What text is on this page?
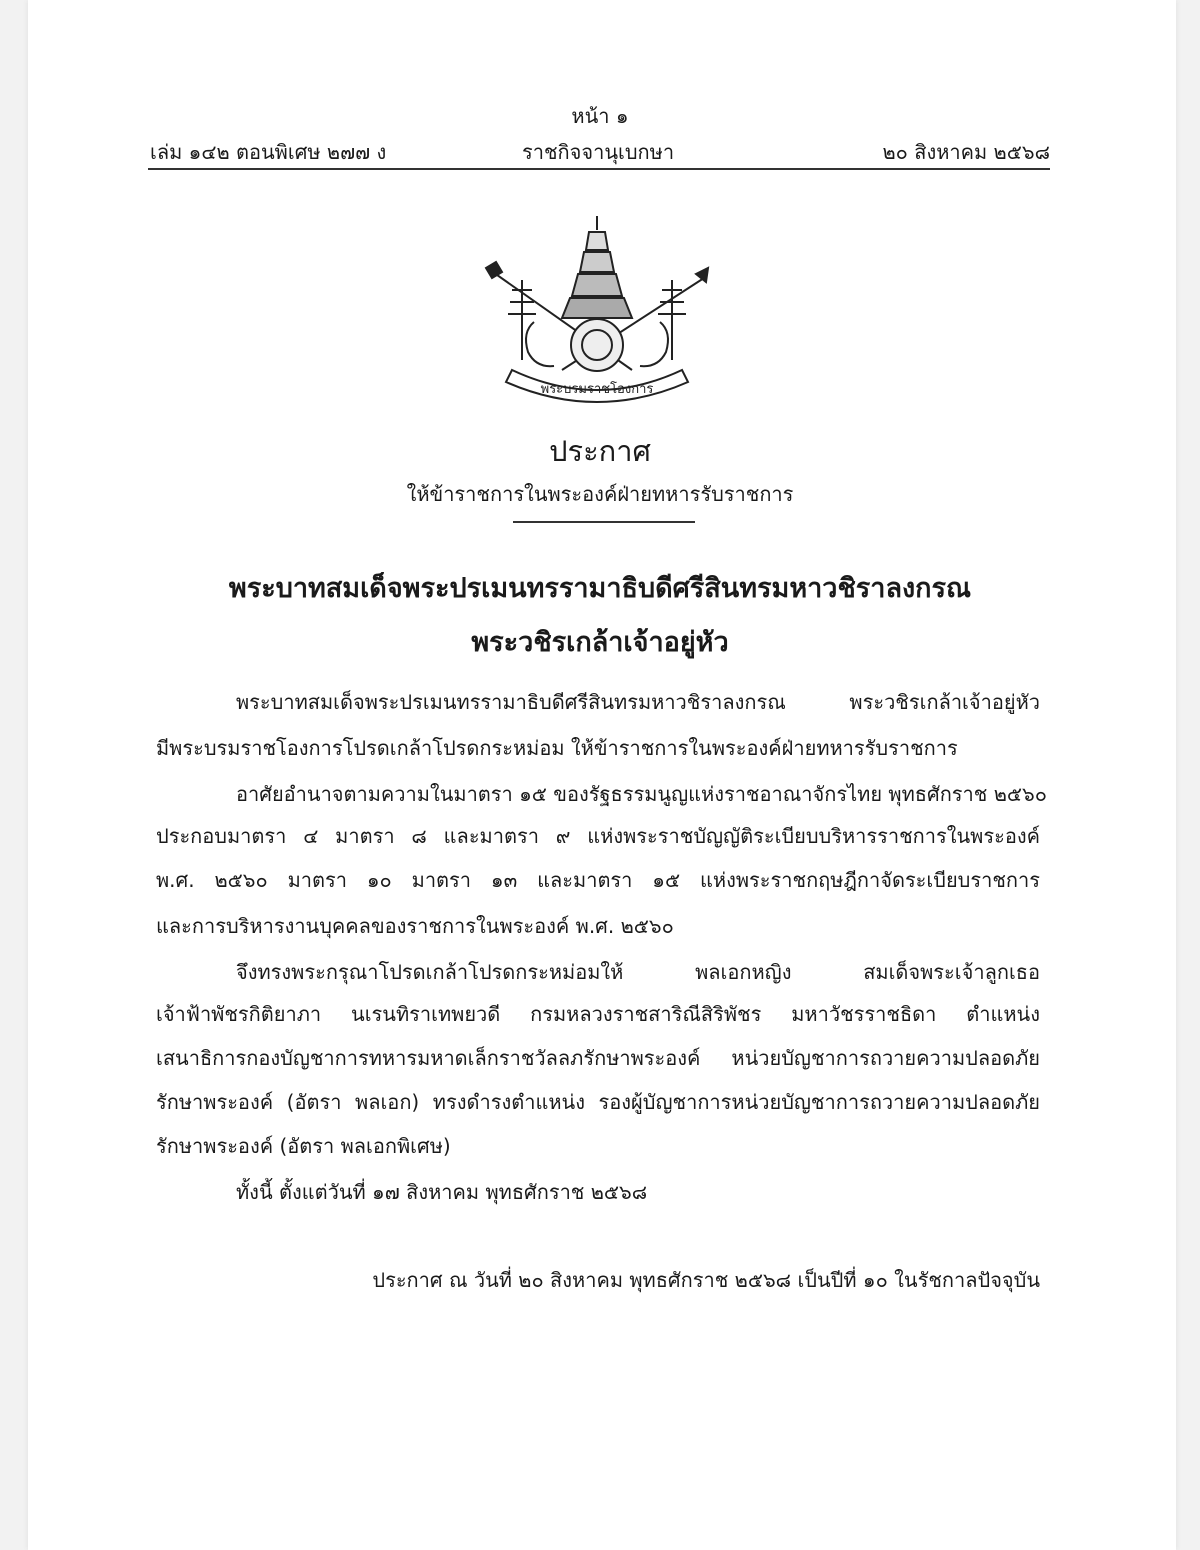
หน้า ๑
เล่ม ๑๔๒ ตอนพิเศษ ๒๗๗ ง	ราชกิจจานุเบกษา	๒๐ สิงหาคม ๒๕๖๘
พระบรมราชโองการ
ประกาศ
ให้ข้าราชการในพระองค์ฝ่ายทหารรับราชการ
พระบาทสมเด็จพระปรเมนทรรามาธิบดีศรีสินทรมหาวชิราลงกรณ
พระวชิรเกล้าเจ้าอยู่หัว
พระบาทสมเด็จพระปรเมนทรรามาธิบดีศรีสินทรมหาวชิราลงกรณ พระวชิรเกล้าเจ้าอยู่หัว
มีพระบรมราชโองการโปรดเกล้าโปรดกระหม่อม ให้ข้าราชการในพระองค์ฝ่ายทหารรับราชการ
อาศัยอำนาจตามความในมาตรา ๑๕ ของรัฐธรรมนูญแห่งราชอาณาจักรไทย พุทธศักราช ๒๕๖๐
ประกอบมาตรา ๔ มาตรา ๘ และมาตรา ๙ แห่งพระราชบัญญัติระเบียบบริหารราชการในพระองค์
พ.ศ. ๒๕๖๐ มาตรา ๑๐ มาตรา ๑๓ และมาตรา ๑๕ แห่งพระราชกฤษฎีกาจัดระเบียบราชการ
และการบริหารงานบุคคลของราชการในพระองค์ พ.ศ. ๒๕๖๐
จึงทรงพระกรุณาโปรดเกล้าโปรดกระหม่อมให้ พลเอกหญิง สมเด็จพระเจ้าลูกเธอ
เจ้าฟ้าพัชรกิติยาภา นเรนทิราเทพยวดี กรมหลวงราชสาริณีสิริพัชร มหาวัชรราชธิดา ตำแหน่ง
เสนาธิการกองบัญชาการทหารมหาดเล็กราชวัลลภรักษาพระองค์ หน่วยบัญชาการถวายความปลอดภัย
รักษาพระองค์ (อัตรา พลเอก) ทรงดำรงตำแหน่ง รองผู้บัญชาการหน่วยบัญชาการถวายความปลอดภัย
รักษาพระองค์ (อัตรา พลเอกพิเศษ)
ทั้งนี้ ตั้งแต่วันที่ ๑๗ สิงหาคม พุทธศักราช ๒๕๖๘
ประกาศ ณ วันที่ ๒๐ สิงหาคม พุทธศักราช ๒๕๖๘ เป็นปีที่ ๑๐ ในรัชกาลปัจจุบัน
